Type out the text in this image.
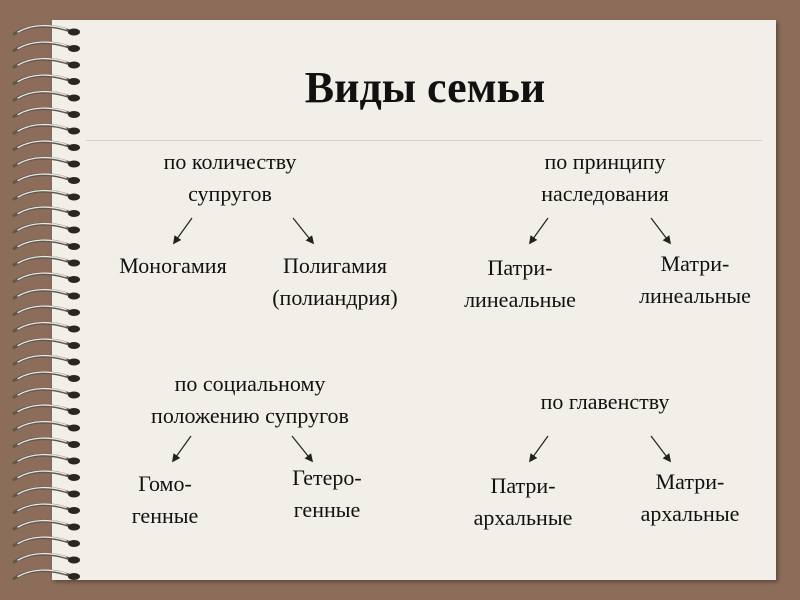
Виды семьи
по количеству
супругов
Моногамия	Полигамия
(полиандрия)
по принципу
наследования
Патри-
линеальные
Матри-
линеальные
по социальному
положению супругов
Гомо-
генные
Гетеро-
генные
по главенству
Патри-
архальные
Матри-
архальные
